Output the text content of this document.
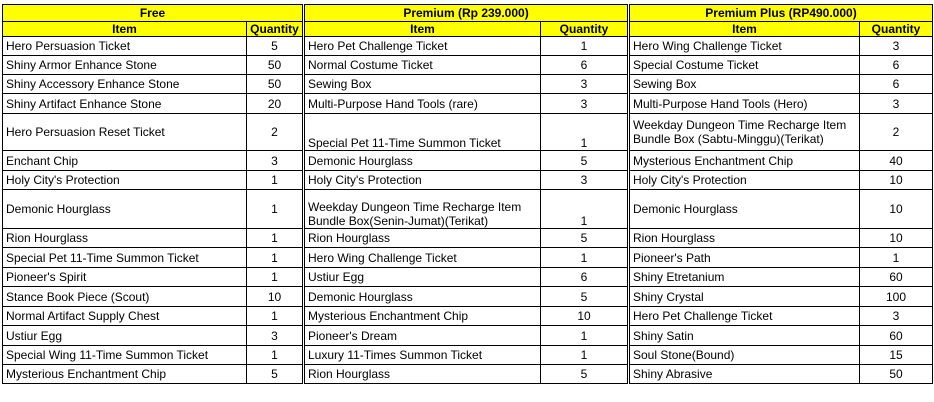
Free	
Item	Quantity
Hero Persuasion Ticket	5
Shiny Armor Enhance Stone	50
Shiny Accessory Enhance Stone	50
Shiny Artifact Enhance Stone	20
Hero Persuasion Reset Ticket	2
Enchant Chip	3
Holy City's Protection	1
Demonic Hourglass	1
Rion Hourglass	1
Special Pet 11-Time Summon Ticket	1
Pioneer's Spirit	1
Stance Book Piece (Scout)	10
Normal Artifact Supply Chest	1
Ustiur Egg	3
Special Wing 11-Time Summon Ticket	1
Mysterious Enchantment Chip	5
Premium (Rp 239.000)	
Item	Quantity
Hero Pet Challenge Ticket	1
Normal Costume Ticket	6
Sewing Box	3
Multi-Purpose Hand Tools (rare)	3
Special Pet 11-Time Summon Ticket	1
Demonic Hourglass	5
Holy City's Protection	3
Weekday Dungeon Time Recharge Item Bundle Box(Senin-Jumat)(Terikat)	1
Rion Hourglass	5
Hero Wing Challenge Ticket	1
Ustiur Egg	6
Demonic Hourglass	5
Mysterious Enchantment Chip	10
Pioneer's Dream	1
Luxury 11-Times Summon Ticket	1
Rion Hourglass	5
Premium Plus (RP490.000)	
Item	Quantity
Hero Wing Challenge Ticket	3
Special Costume Ticket	6
Sewing Box	6
Multi-Purpose Hand Tools (Hero)	3
Weekday Dungeon Time Recharge Item Bundle Box (Sabtu-Minggu)(Terikat)	2
Mysterious Enchantment Chip	40
Holy City's Protection	10
Demonic Hourglass	10
Rion Hourglass	10
Pioneer's Path	1
Shiny Etretanium	60
Shiny Crystal	100
Hero Pet Challenge Ticket	3
Shiny Satin	60
Soul Stone(Bound)	15
Shiny Abrasive	50
